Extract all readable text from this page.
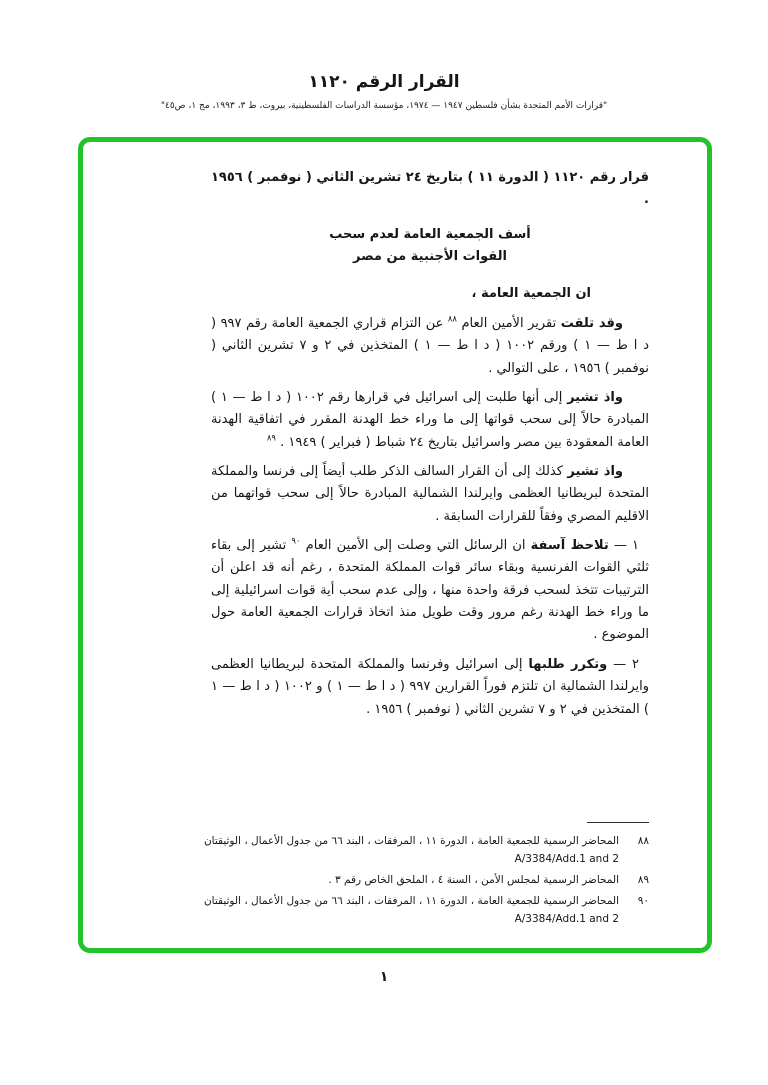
القرار الرقم ١١٢٠
"قرارات الأمم المتحدة بشأن فلسطين ١٩٤٧ — ١٩٧٤، مؤسسة الدراسات الفلسطينية، بيروت، ط ٣، ١٩٩٣، مج ١، ص٤٥"

قرار رقم ١١٢٠ ( الدورة ١١ ) بتاريخ ٢٤ تشرين الثاني ( نوفمبر ) ١٩٥٦ .

أسف الجمعية العامة لعدم سحب

القوات الأجنبية من مصر

ان الجمعية العامة ،

وقد تلقت تقرير الأمين العام $^{٨٨}$ عن التزام قراري الجمعية العامة رقم ٩٩٧ ( د ا ط — ١ ) ورقم ١٠٠٢ ( د ا ط — ١ ) المتخذين في ٢ و ٧ تشرين الثاني ( نوفمبر ) ١٩٥٦ ، على التوالي .

واذ تشير إلى أنها طلبت إلى اسرائيل في قرارها رقم ١٠٠٢ ( د ا ط — ١ ) المبادرة حالاً إلى سحب قواتها إلى ما وراء خط الهدنة المقرر في اتفاقية الهدنة العامة المعقودة بين مصر واسرائيل بتاريخ ٢٤ شباط ( فبراير ) ١٩٤٩ . $^{٨٩}$

واذ تشير كذلك إلى أن القرار السالف الذكر طلب أيضاً إلى فرنسا والمملكة المتحدة لبريطانيا العظمى وايرلندا الشمالية المبادرة حالاً إلى سحب قواتهما من الاقليم المصري وفقاً للقرارات السابقة .

١ — تلاحظ آسفة ان الرسائل التي وصلت إلى الأمين العام $^{٩٠}$ تشير إلى بقاء ثلثي القوات الفرنسية وبقاء سائر قوات المملكة المتحدة ، رغم أنه قد اعلن أن الترتيبات تتخذ لسحب فرقة واحدة منها ، وإلى عدم سحب أية قوات اسرائيلية إلى ما وراء خط الهدنة رغم مرور وقت طويل منذ اتخاذ قرارات الجمعية العامة حول الموضوع .

٢ — وتكرر طلبها إلى اسرائيل وفرنسا والمملكة المتحدة لبريطانيا العظمى وايرلندا الشمالية ان تلتزم فوراً القرارين ٩٩٧ ( د ا ط — ١ ) و ١٠٠٢ ( د ا ط — ١ ) المتخذين في ٢ و ٧ تشرين الثاني ( نوفمبر ) ١٩٥٦ .

٨٨
المحاضر الرسمية للجمعية العامة ، الدورة ١١ ، المرفقات ، البند ٦٦ من جدول الأعمال ، الوثيقتان A/3384/Add.1 and 2
٨٩
المحاضر الرسمية لمجلس الأمن ، السنة ٤ ، الملحق الخاص رقم ٣ .
٩٠
المحاضر الرسمية للجمعية العامة ، الدورة ١١ ، المرفقات ، البند ٦٦ من جدول الأعمال ، الوثيقتان A/3384/Add.1 and 2
١
